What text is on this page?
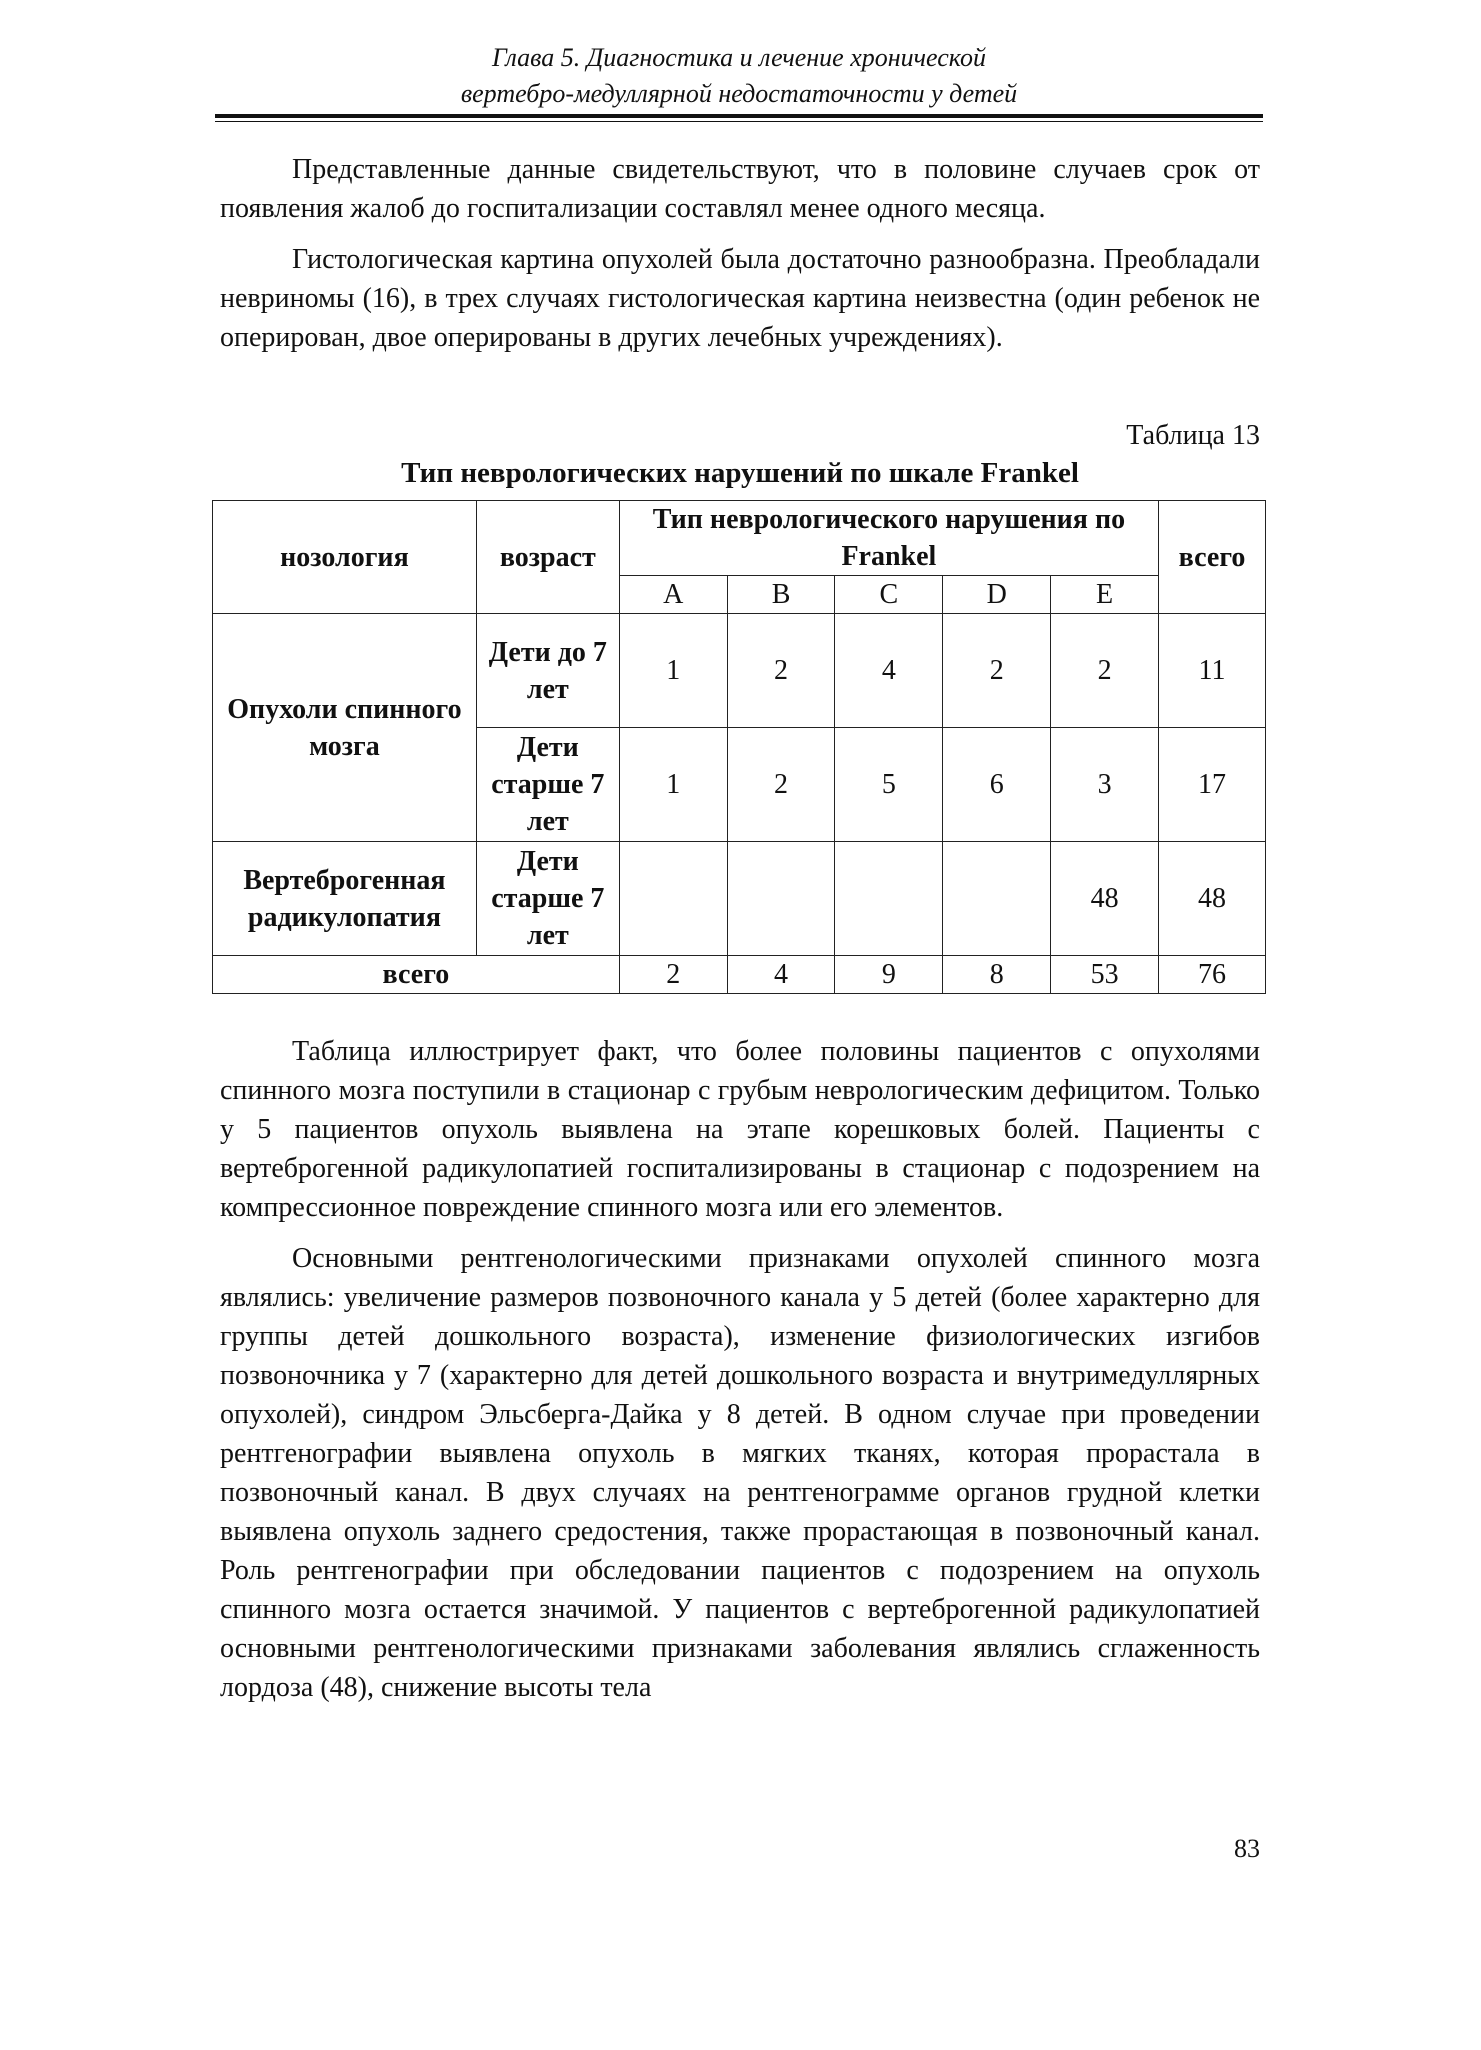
Глава 5. Диагностика и лечение хронической
вертебро-медуллярной недостаточности у детей

Представленные данные свидетельствуют, что в половине случаев срок от появления жалоб до госпитализации составлял менее одного месяца.

Гистологическая картина опухолей была достаточно разнообразна. Преобладали невриномы (16), в трех случаях гистологическая картина неизвестна (один ребенок не оперирован, двое оперированы в других лечебных учреждениях).

Таблица 13
Тип неврологических нарушений по шкале Frankel
нозология	возраст	Тип неврологического нарушения по Frankel					всего
		A	B	C	D	E	
Опухоли спинного мозга	Дети до 7 лет	1	2	4	2	2	11
	Дети старше 7 лет	1	2	5	6	3	17
Вертеброгенная радикулопатия	Дети старше 7 лет					48	48
всего		2	4	9	8	53	76

Таблица иллюстрирует факт, что более половины пациентов с опухолями спинного мозга поступили в стационар с грубым неврологическим дефицитом. Только у 5 пациентов опухоль выявлена на этапе корешковых болей. Пациенты с вертеброгенной радикулопатией госпитализированы в стационар с подозрением на компрессионное повреждение спинного мозга или его элементов.

Основными рентгенологическими признаками опухолей спинного мозга являлись: увеличение размеров позвоночного канала у 5 детей (более характерно для группы детей дошкольного возраста), изменение физиологических изгибов позвоночника у 7 (характерно для детей дошкольного возраста и внутримедуллярных опухолей), синдром Эльсберга-Дайка у 8 детей. В одном случае при проведении рентгенографии выявлена опухоль в мягких тканях, которая прорастала в позвоночный канал. В двух случаях на рентгенограмме органов грудной клетки выявлена опухоль заднего средостения, также прорастающая в позвоночный канал. Роль рентгенографии при обследовании пациентов с подозрением на опухоль спинного мозга остается значимой. У пациентов с вертеброгенной радикулопатией основными рентгенологическими признаками заболевания являлись сглаженность лордоза (48), снижение высоты тела

83
